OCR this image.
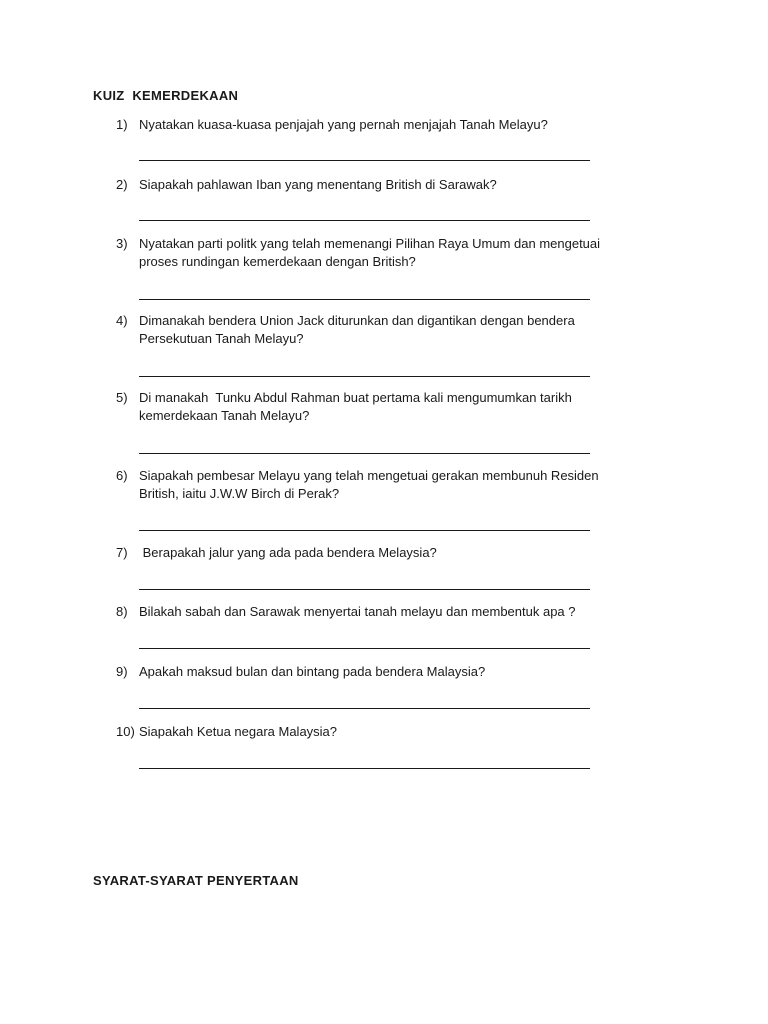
KUIZ  KEMERDEKAAN
1) Nyatakan kuasa-kuasa penjajah yang pernah menjajah Tanah Melayu?
2) Siapakah pahlawan Iban yang menentang British di Sarawak?
3) Nyatakan parti politk yang telah memenangi Pilihan Raya Umum dan mengetuai
proses rundingan kemerdekaan dengan British?
4) Dimanakah bendera Union Jack diturunkan dan digantikan dengan bendera
Persekutuan Tanah Melayu?
5) Di manakah  Tunku Abdul Rahman buat pertama kali mengumumkan tarikh
kemerdekaan Tanah Melayu?
6) Siapakah pembesar Melayu yang telah mengetuai gerakan membunuh Residen
British, iaitu J.W.W Birch di Perak?
7) Berapakah jalur yang ada pada bendera Melaysia?
8) Bilakah sabah dan Sarawak menyertai tanah melayu dan membentuk apa ?
9) Apakah maksud bulan dan bintang pada bendera Malaysia?
10) Siapakah Ketua negara Malaysia?
SYARAT-SYARAT PENYERTAAN
